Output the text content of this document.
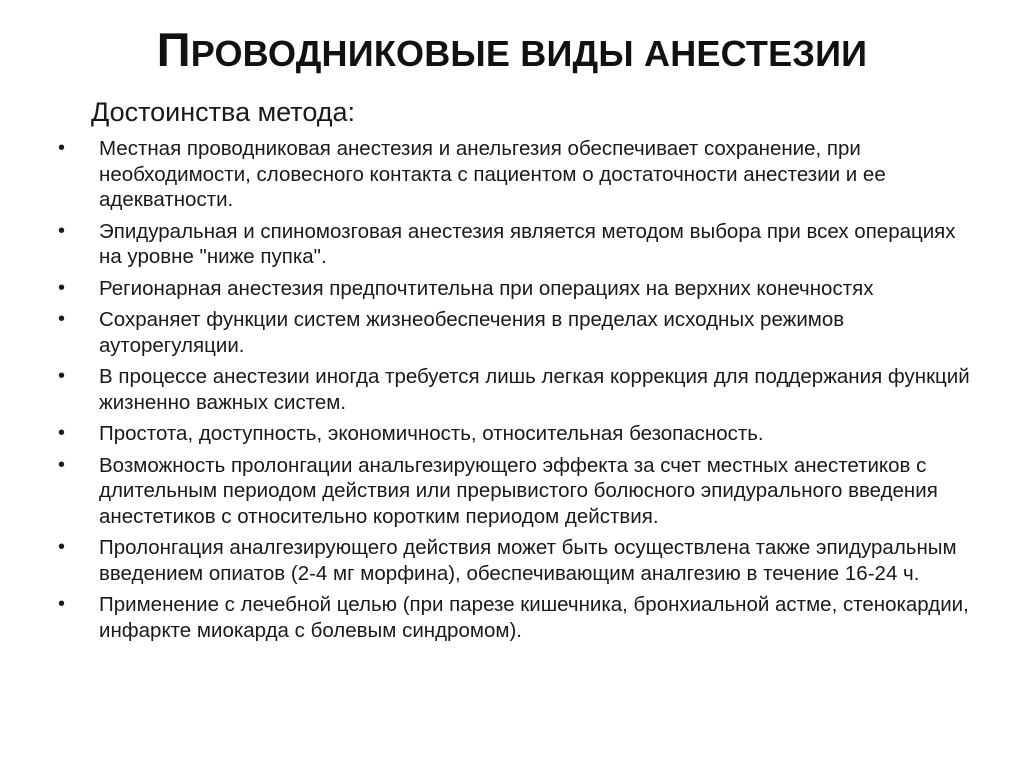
ПРОВОДНИКОВЫЕ ВИДЫ АНЕСТЕЗИИ
Достоинства метода:
• Местная проводниковая анестезия и анельгезия обеспечивает сохранение, при необходимости, словесного контакта с пациентом о достаточности анестезии и ее адекватности.
• Эпидуральная и спиномозговая анестезия является методом выбора при всех операциях на уровне "ниже пупка".
• Регионарная анестезия предпочтительна при операциях на верхних конечностях
• Сохраняет функции систем жизнеобеспечения в пределах исходных режимов ауторегуляции.
• В процессе анестезии иногда требуется лишь легкая коррекция для поддержания функций жизненно важных систем.
• Простота, доступность, экономичность, относительная безопасность.
• Возможность пролонгации анальгезирующего эффекта за счет местных анестетиков с длительным периодом действия или прерывистого болюсного эпидурального введения анестетиков с относительно коротким периодом действия.
• Пролонгация аналгезирующего действия может быть осуществлена также эпидуральным введением опиатов (2-4 мг морфина), обеспечивающим аналгезию в течение 16-24 ч.
• Применение с лечебной целью (при парезе кишечника, бронхиальной астме, стенокардии, инфаркте миокарда с болевым синдромом).
